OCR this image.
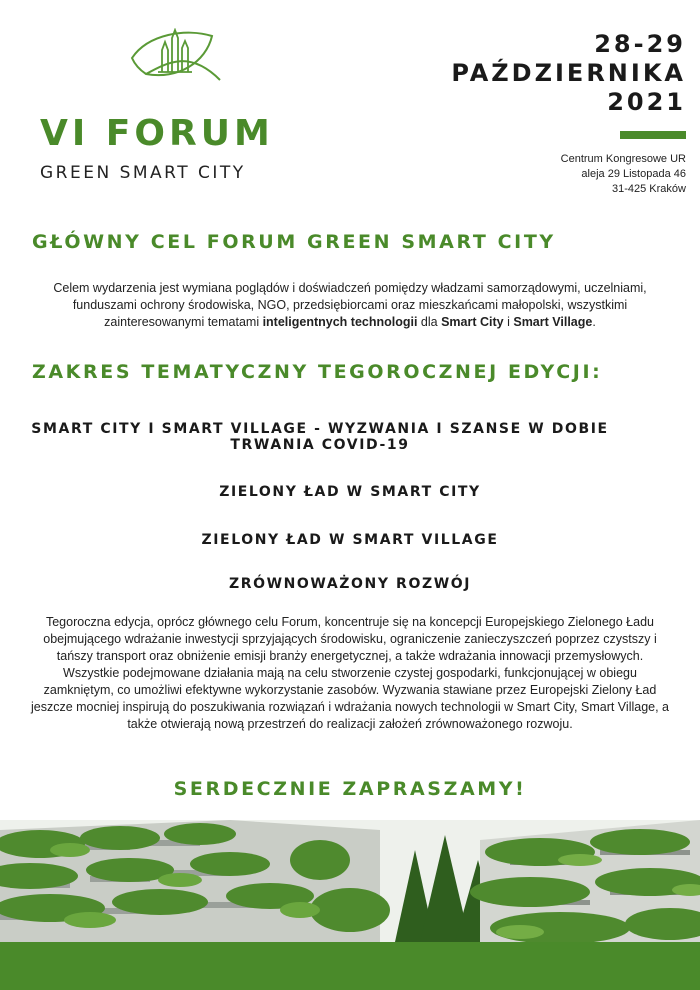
VI FORUM

GREEN SMART CITY

28-29
PAŹDZIERNIKA
2021
Centrum Kongresowe UR
aleja 29 Listopada 46
31-425 Kraków
GŁÓWNY CEL FORUM GREEN SMART CITY

Celem wydarzenia jest wymiana poglądów i doświadczeń pomiędzy władzami samorządowymi, uczelniami, funduszami ochrony środowiska, NGO, przedsiębiorcami oraz mieszkańcami małopolski, wszystkimi zainteresowanymi tematami inteligentnych technologii dla Smart City i Smart Village.

ZAKRES TEMATYCZNY TEGOROCZNEJ EDYCJI:

SMART CITY I SMART VILLAGE - WYZWANIA I SZANSE W DOBIE TRWANIA COVID-19

ZIELONY ŁAD W SMART CITY

ZIELONY ŁAD W SMART VILLAGE

ZRÓWNOWAŻONY ROZWÓJ

Tegoroczna edycja, oprócz głównego celu Forum, koncentruje się na koncepcji Europejskiego Zielonego Ładu obejmującego wdrażanie inwestycji sprzyjających środowisku, ograniczenie zanieczyszczeń poprzez czystszy i tańszy transport oraz obniżenie emisji branży energetycznej, a także wdrażania innowacji przemysłowych. Wszystkie podejmowane działania mają na celu stworzenie czystej gospodarki, funkcjonującej w obiegu zamkniętym, co umożliwi efektywne wykorzystanie zasobów. Wyzwania stawiane przez Europejski Zielony Ład jeszcze mocniej inspirują do poszukiwania rozwiązań i wdrażania nowych technologii w Smart City, Smart Village, a także otwierają nową przestrzeń do realizacji założeń zrównoważonego rozwoju.

SERDECZNIE ZAPRASZAMY!
